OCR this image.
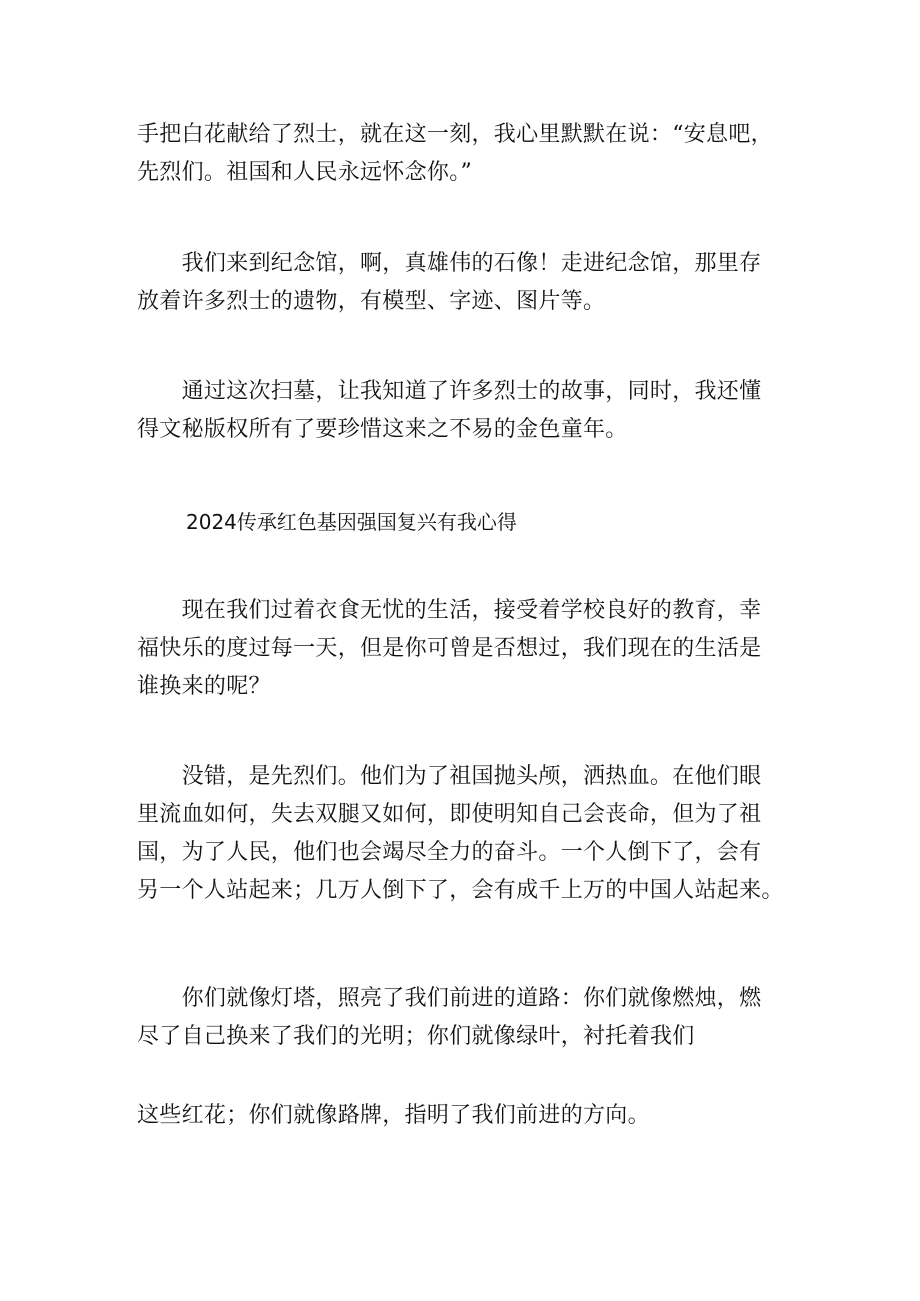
手把白花献给了烈士，就在这一刻，我心里默默在说：“安息吧，
先烈们。祖国和人民永远怀念你。”

　　我们来到纪念馆，啊，真雄伟的石像！走进纪念馆，那里存
放着许多烈士的遗物，有模型、字迹、图片等。

　　通过这次扫墓，让我知道了许多烈士的故事，同时，我还懂
得文秘版权所有了要珍惜这来之不易的金色童年。

2024传承红色基因强国复兴有我心得

　　现在我们过着衣食无忧的生活，接受着学校良好的教育，幸
福快乐的度过每一天，但是你可曾是否想过，我们现在的生活是
谁换来的呢？

　　没错，是先烈们。他们为了祖国抛头颅，洒热血。在他们眼
里流血如何，失去双腿又如何，即使明知自己会丧命，但为了祖
国，为了人民，他们也会竭尽全力的奋斗。一个人倒下了，会有
另一个人站起来；几万人倒下了，会有成千上万的中国人站起来。

　　你们就像灯塔，照亮了我们前进的道路：你们就像燃烛，燃
尽了自己换来了我们的光明；你们就像绿叶，衬托着我们

这些红花；你们就像路牌，指明了我们前进的方向。
